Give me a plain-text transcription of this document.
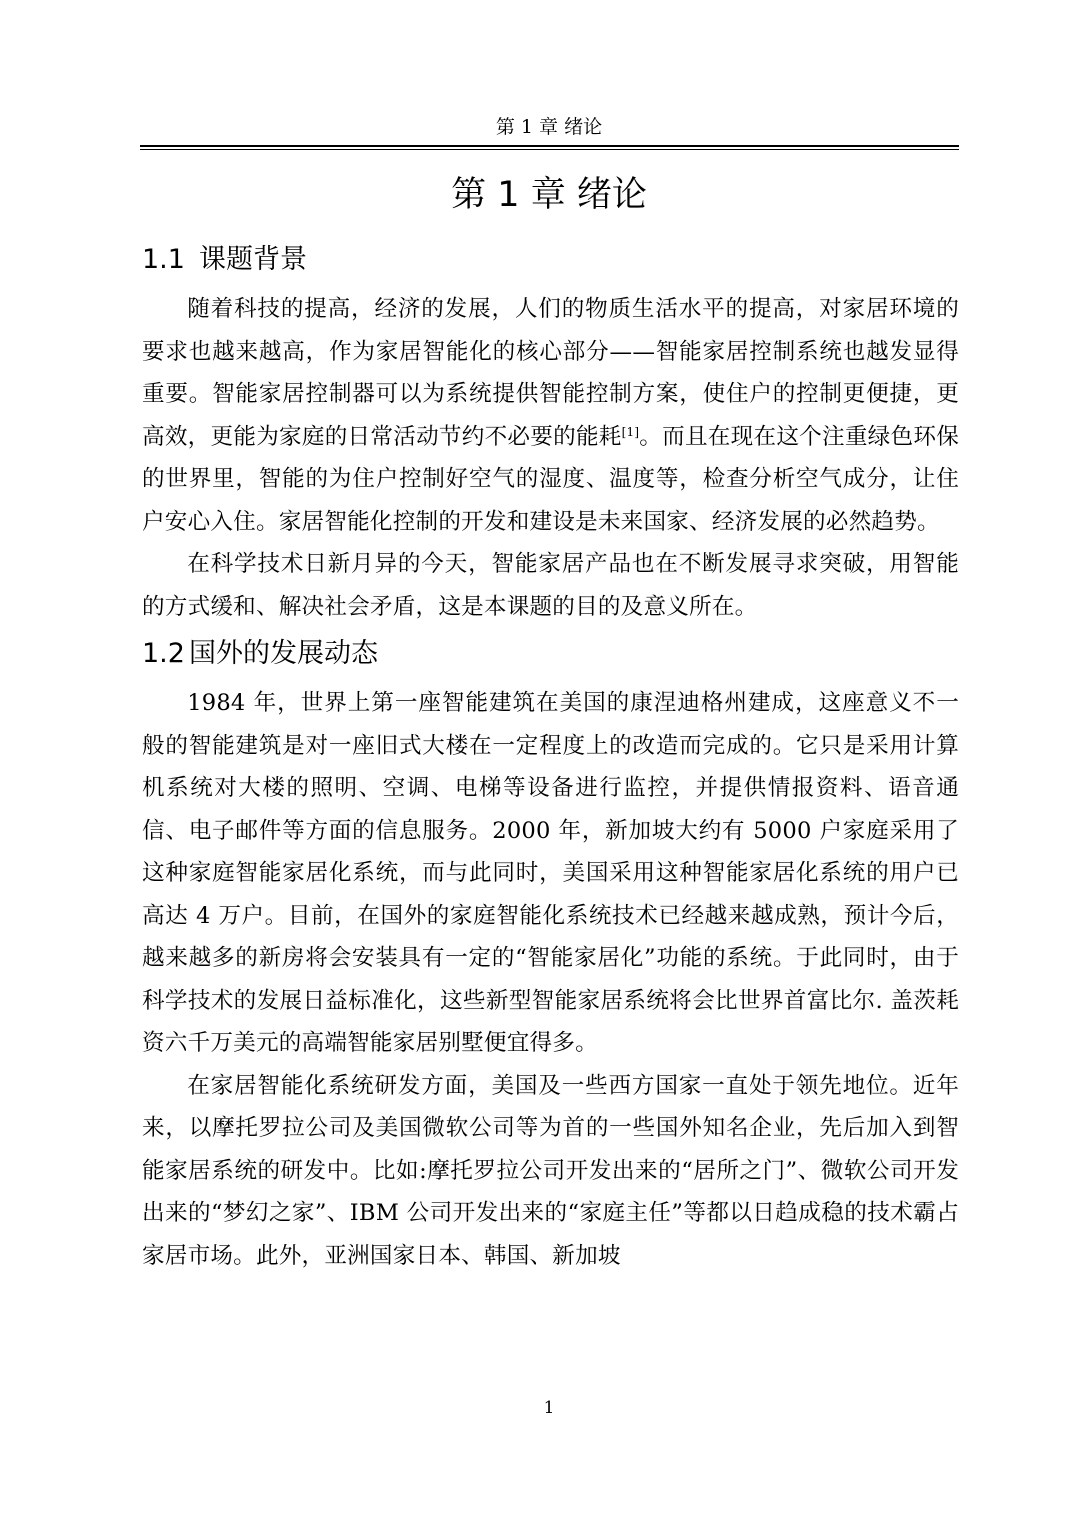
第 1 章 绪论
第 1 章 绪论
1.1 课题背景

随着科技的提高，经济的发展，人们的物质生活水平的提高，对家居环境的要求也越来越高，作为家居智能化的核心部分——智能家居控制系统也越发显得重要。智能家居控制器可以为系统提供智能控制方案，使住户的控制更便捷，更高效，更能为家庭的日常活动节约不必要的能耗[1]。而且在现在这个注重绿色环保的世界里，智能的为住户控制好空气的湿度、温度等，检查分析空气成分，让住户安心入住。家居智能化控制的开发和建设是未来国家、经济发展的必然趋势。

在科学技术日新月异的今天，智能家居产品也在不断发展寻求突破，用智能的方式缓和、解决社会矛盾，这是本课题的目的及意义所在。

1.2 国外的发展动态

1984 年，世界上第一座智能建筑在美国的康涅迪格州建成，这座意义不一般的智能建筑是对一座旧式大楼在一定程度上的改造而完成的。它只是采用计算机系统对大楼的照明、空调、电梯等设备进行监控，并提供情报资料、语音通信、电子邮件等方面的信息服务。2000 年，新加坡大约有 5000 户家庭采用了这种家庭智能家居化系统，而与此同时，美国采用这种智能家居化系统的用户已高达 4 万户。目前，在国外的家庭智能化系统技术已经越来越成熟，预计今后，越来越多的新房将会安装具有一定的“智能家居化”功能的系统。于此同时，由于科学技术的发展日益标准化，这些新型智能家居系统将会比世界首富比尔. 盖茨耗资六千万美元的高端智能家居别墅便宜得多。

在家居智能化系统研发方面，美国及一些西方国家一直处于领先地位。近年来，以摩托罗拉公司及美国微软公司等为首的一些国外知名企业，先后加入到智能家居系统的研发中。比如:摩托罗拉公司开发出来的“居所之门”、微软公司开发出来的“梦幻之家”、IBM 公司开发出来的“家庭主任”等都以日趋成稳的技术霸占家居市场。此外，亚洲国家日本、韩国、新加坡

1
